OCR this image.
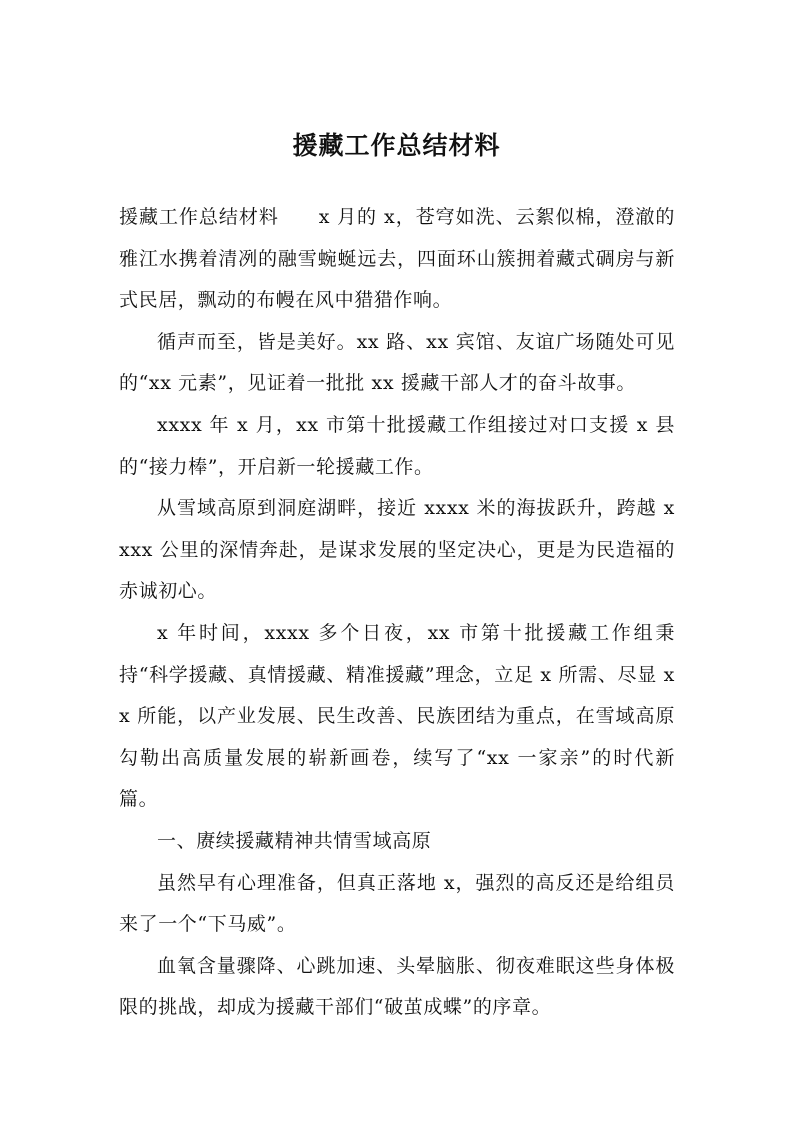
援藏工作总结材料

援藏工作总结材料　　x 月的 x，苍穹如洗、云絮似棉，澄澈的雅江水携着清冽的融雪蜿蜒远去，四面环山簇拥着藏式碉房与新式民居，飘动的布幔在风中猎猎作响。

循声而至，皆是美好。xx 路、xx 宾馆、友谊广场随处可见的“xx 元素”，见证着一批批 xx 援藏干部人才的奋斗故事。

xxxx 年 x 月，xx 市第十批援藏工作组接过对口支援 x 县的“接力棒”，开启新一轮援藏工作。

从雪域高原到洞庭湖畔，接近 xxxx 米的海拔跃升，跨越 xxxx 公里的深情奔赴，是谋求发展的坚定决心，更是为民造福的赤诚初心。

x 年时间，xxxx 多个日夜，xx 市第十批援藏工作组秉持“科学援藏、真情援藏、精准援藏”理念，立足 x 所需、尽显 xx 所能，以产业发展、民生改善、民族团结为重点，在雪域高原勾勒出高质量发展的崭新画卷，续写了“xx 一家亲”的时代新篇。

一、赓续援藏精神共情雪域高原

虽然早有心理准备，但真正落地 x，强烈的高反还是给组员来了一个“下马威”。

血氧含量骤降、心跳加速、头晕脑胀、彻夜难眠这些身体极限的挑战，却成为援藏干部们“破茧成蝶”的序章。
